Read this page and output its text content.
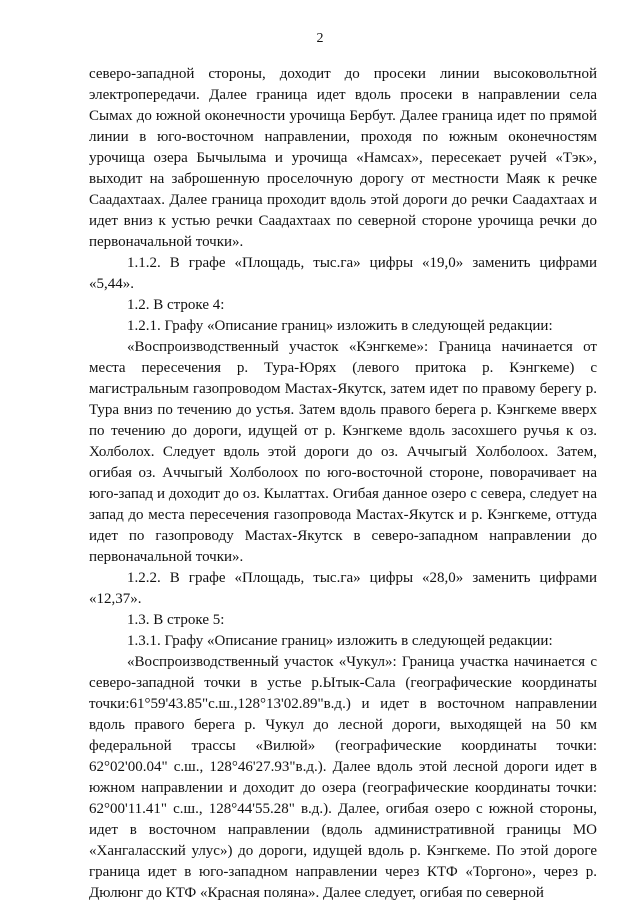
2

северо-западной стороны, доходит до просеки линии высоковольтной электропередачи. Далее граница идет вдоль просеки в направлении села Сымах до южной оконечности урочища Бербут. Далее граница идет по прямой линии в юго-восточном направлении, проходя по южным оконечностям урочища озера Бычылыма и урочища «Намсах», пересекает ручей «Тэк», выходит на заброшенную проселочную дорогу от местности Маяк к речке Саадахтаах. Далее граница проходит вдоль этой дороги до речки Саадахтаах и идет вниз к устью речки Саадахтаах по северной стороне урочища речки до первоначальной точки».

1.1.2. В графе «Площадь, тыс.га» цифры «19,0» заменить цифрами «5,44».

1.2. В строке 4:

1.2.1. Графу «Описание границ» изложить в следующей редакции:

«Воспроизводственный участок «Кэнгкеме»: Граница начинается от места пересечения р. Тура-Юрях (левого притока р. Кэнгкеме) с магистральным газопроводом Мастах-Якутск, затем идет по правому берегу р. Тура вниз по течению до устья. Затем вдоль правого берега р. Кэнгкеме вверх по течению до дороги, идущей от р. Кэнгкеме вдоль засохшего ручья к оз. Холболох. Следует вдоль этой дороги до оз. Аччыгый Холболоох. Затем, огибая оз. Аччыгый Холболоох по юго-восточной стороне, поворачивает на юго-запад и доходит до оз. Кылаттах. Огибая данное озеро с севера, следует на запад до места пересечения газопровода Мастах-Якутск и р. Кэнгкеме, оттуда идет по газопроводу Мастах-Якутск в северо-западном направлении до первоначальной точки».

1.2.2. В графе «Площадь, тыс.га» цифры «28,0» заменить цифрами «12,37».

1.3. В строке 5:

1.3.1. Графу «Описание границ» изложить в следующей редакции:

«Воспроизводственный участок «Чукул»: Граница участка начинается с северо-западной точки в устье р.Ытык-Сала (географические координаты точки:61°59'43.85"с.ш.,128°13'02.89"в.д.) и идет в восточном направлении вдоль правого берега р. Чукул до лесной дороги, выходящей на 50 км федеральной трассы «Вилюй» (географические координаты точки: 62°02'00.04" с.ш., 128°46'27.93"в.д.). Далее вдоль этой лесной дороги идет в южном направлении и доходит до озера (географические координаты точки: 62°00'11.41" с.ш., 128°44'55.28" в.д.). Далее, огибая озеро с южной стороны, идет в восточном направлении (вдоль административной границы МО «Хангаласский улус») до дороги, идущей вдоль р. Кэнгкеме. По этой дороге граница идет в юго-западном направлении через КТФ «Торгоно», через р. Дюлюнг до КТФ «Красная поляна». Далее следует, огибая по северной
